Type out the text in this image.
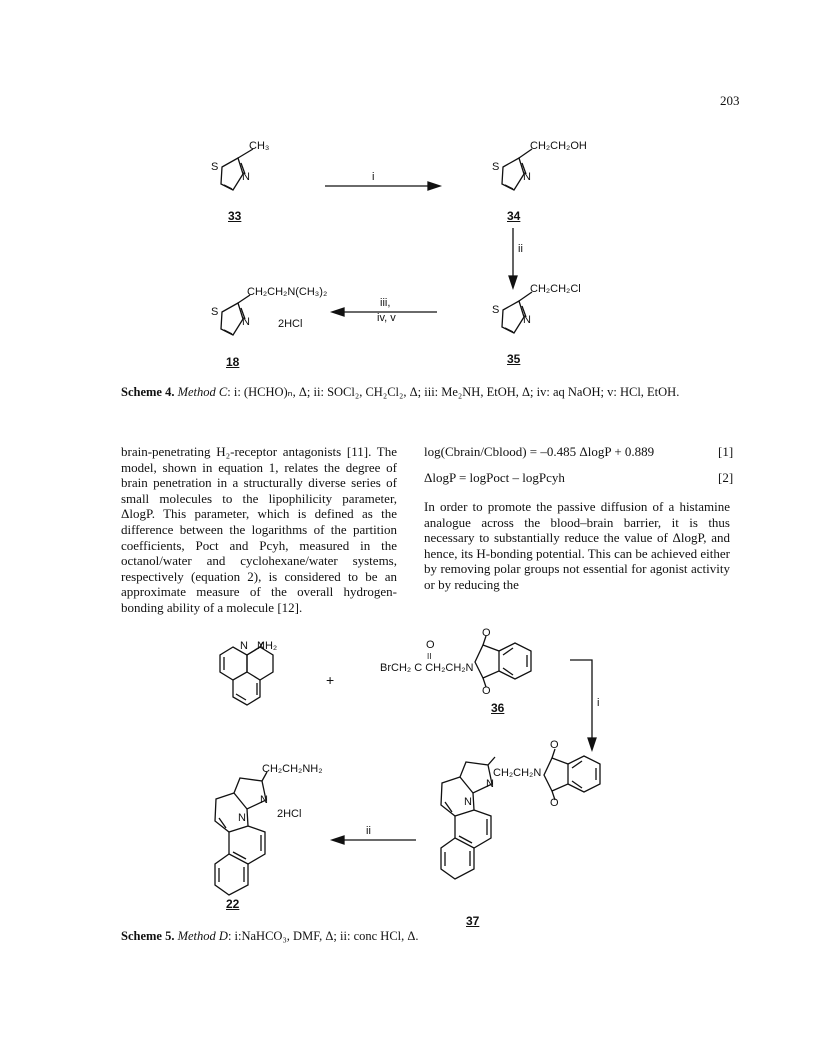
203
S
N
CH₃
33
S
N
CH₂CH₂OH
34
S
N
CH₂CH₂Cl
35
S
N
CH₂CH₂N(CH₃)₂
2HCl
18
i
ii
iii,
iv, v
Scheme 4. Method C: i: (HCHO)ₙ, Δ; ii: SOCl₂, CH₂Cl₂, Δ; iii: Me₂NH, EtOH, Δ; iv: aq NaOH; v: HCl, EtOH.
brain-penetrating H₂-receptor antagonists [11]. The model, shown in equation 1, relates the degree of brain penetration in a structurally diverse series of small molecules to the lipophilicity parameter, ΔlogP. This parameter, which is defined as the difference between the logarithms of the partition coefficients, Poct and Pcyh, measured in the octanol/water and cyclohexane/water systems, respectively (equation 2), is considered to be an approximate measure of the overall hydrogen-bonding ability of a molecule [12].
log(Cbrain/Cblood) = –0.485 ΔlogP + 0.889	[1]
ΔlogP = logPoct – logPcyh	[2]
In order to promote the passive diffusion of a histamine analogue across the blood–brain barrier, it is thus necessary to substantially reduce the value of ΔlogP, and hence, its H-bonding potential. This can be achieved either by removing polar groups not essential for agonist activity or by reducing the
N NH₂
+
O
II
BrCH₂ C CH₂CH₂N
O
O
36	i
CH₂CH₂N
N
N
O
O
37
ii
CH₂CH₂NH₂
N
N	2HCl
22
Scheme 5. Method D: i:NaHCO₃, DMF, Δ; ii: conc HCl, Δ.
